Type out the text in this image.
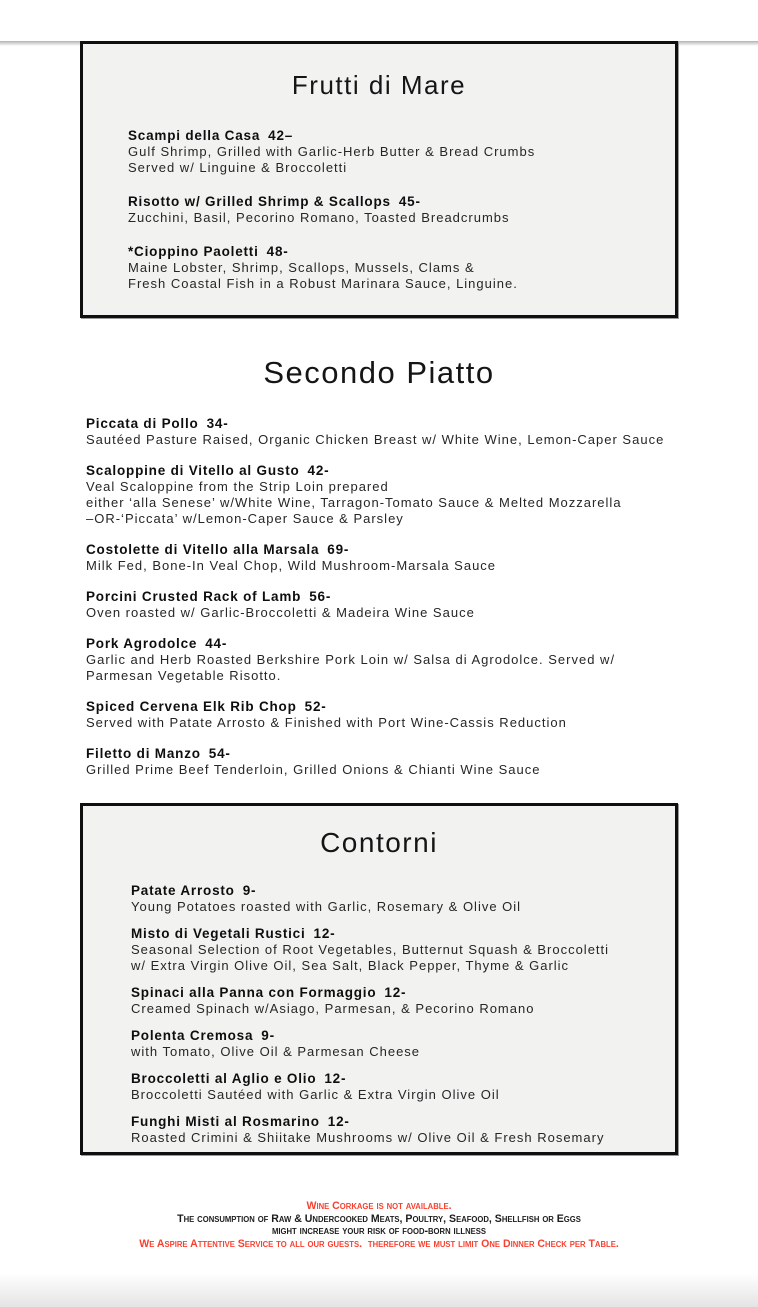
Frutti di Mare
Scampi della Casa 42–
Gulf Shrimp, Grilled with Garlic-Herb Butter & Bread Crumbs
Served w/ Linguine & Broccoletti
Risotto w/ Grilled Shrimp & Scallops 45-
Zucchini, Basil, Pecorino Romano, Toasted Breadcrumbs
*Cioppino Paoletti 48-
Maine Lobster, Shrimp, Scallops, Mussels, Clams &
Fresh Coastal Fish in a Robust Marinara Sauce, Linguine.
Secondo Piatto
Piccata di Pollo 34-
Sautéed Pasture Raised, Organic Chicken Breast w/ White Wine, Lemon-Caper Sauce
Scaloppine di Vitello al Gusto 42-
Veal Scaloppine from the Strip Loin prepared
either ‘alla Senese’ w/White Wine, Tarragon-Tomato Sauce & Melted Mozzarella
–OR-‘Piccata’ w/Lemon-Caper Sauce & Parsley
Costolette di Vitello alla Marsala 69-
Milk Fed, Bone-In Veal Chop, Wild Mushroom-Marsala Sauce
Porcini Crusted Rack of Lamb 56-
Oven roasted w/ Garlic-Broccoletti & Madeira Wine Sauce
Pork Agrodolce 44-
Garlic and Herb Roasted Berkshire Pork Loin w/ Salsa di Agrodolce. Served w/
Parmesan Vegetable Risotto.
Spiced Cervena Elk Rib Chop 52-
Served with Patate Arrosto & Finished with Port Wine-Cassis Reduction
Filetto di Manzo 54-
Grilled Prime Beef Tenderloin, Grilled Onions & Chianti Wine Sauce
Contorni
Patate Arrosto 9-
Young Potatoes roasted with Garlic, Rosemary & Olive Oil
Misto di Vegetali Rustici 12-
Seasonal Selection of Root Vegetables, Butternut Squash & Broccoletti
w/ Extra Virgin Olive Oil, Sea Salt, Black Pepper, Thyme & Garlic
Spinaci alla Panna con Formaggio 12-
Creamed Spinach w/Asiago, Parmesan, & Pecorino Romano
Polenta Cremosa 9-
with Tomato, Olive Oil & Parmesan Cheese
Broccoletti al Aglio e Olio 12-
Broccoletti Sautéed with Garlic & Extra Virgin Olive Oil
Funghi Misti al Rosmarino 12-
Roasted Crimini & Shiitake Mushrooms w/ Olive Oil & Fresh Rosemary
Wine Corkage is not available.
The consumption of Raw & Undercooked Meats, Poultry, Seafood, Shellfish or Eggs
might increase your risk of food-born illness
We Aspire Attentive Service to all our guests.  therefore we must limit One Dinner Check per Table.
